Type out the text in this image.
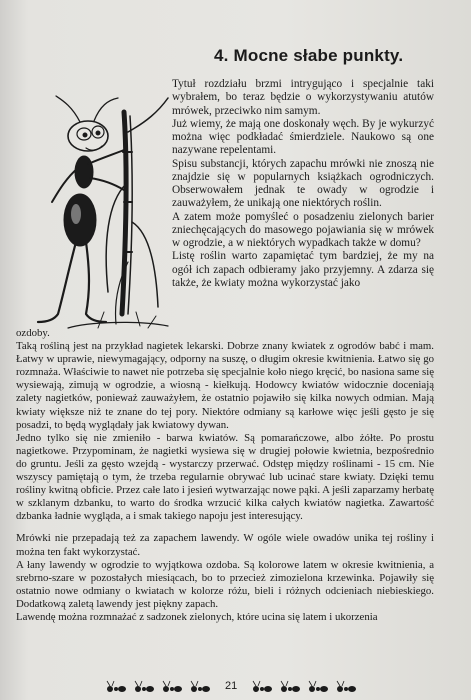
4. Mocne słabe punkty.

Tytuł rozdziału brzmi intrygująco i specjalnie taki wybrałem, bo teraz będzie o wykorzystywaniu atutów mrówek, przeciwko nim samym.

Już wiemy, że mają one doskonały węch. By je wykurzyć można więc podkładać śmierdziele. Naukowo są one nazywane repelentami.

Spisu substancji, których zapachu mrówki nie znoszą nie znajdzie się w popularnych książkach ogrodniczych. Obserwowałem jednak te owady w ogrodzie i zauważyłem, że unikają one niektórych roślin.

A zatem może pomyśleć o posadzeniu zielonych barier zniechęcających do masowego pojawiania się w mrówek w ogrodzie, a w niektórych wypadkach także w domu?

Listę roślin warto zapamiętać tym bardziej, że my na ogół ich zapach odbieramy jako przyjemny. A zdarza się także, że kwiaty można wykorzystać jako

ozdoby.

Taką rośliną jest na przykład nagietek lekarski. Dobrze znany kwiatek z ogrodów babć i mam. Łatwy w uprawie, niewymagający, odporny na suszę, o długim okresie kwitnienia. Łatwo się go rozmnaża. Właściwie to nawet nie potrzeba się specjalnie koło niego kręcić, bo nasiona same się wysiewają, zimują w ogrodzie, a wiosną - kiełkują. Hodowcy kwiatów widocznie doceniają zalety nagietków, ponieważ zauważyłem, że ostatnio pojawiło się kilka nowych odmian. Mają kwiaty większe niż te znane do tej pory. Niektóre odmiany są karłowe więc jeśli gęsto je się posadzi, to będą wyglądały jak kwiatowy dywan.

Jedno tylko się nie zmieniło - barwa kwiatów. Są pomarańczowe, albo żółte. Po prostu nagietkowe. Przypominam, że nagietki wysiewa się w drugiej połowie kwietnia, bezpośrednio do gruntu. Jeśli za gęsto wzejdą - wystarczy przerwać. Odstęp między roślinami - 15 cm. Nie wszyscy pamiętają o tym, że trzeba regularnie obrywać lub ucinać stare kwiaty. Dzięki temu rośliny kwitną obficie. Przez całe lato i jesień wytwarzając nowe pąki. A jeśli zaparzamy herbatę w szklanym dzbanku, to warto do środka wrzucić kilka całych kwiatów nagietka. Zawartość dzbanka ładnie wygląda, a i smak takiego napoju jest interesujący.

Mrówki nie przepadają też za zapachem lawendy. W ogóle wiele owadów unika tej rośliny i można ten fakt wykorzystać.

A łany lawendy w ogrodzie to wyjątkowa ozdoba. Są kolorowe latem w okresie kwitnienia, a srebrno-szare w pozostałych miesiącach, bo to przecież zimozielona krzewinka. Pojawiły się ostatnio nowe odmiany o kwiatach w kolorze różu, bieli i różnych odcieniach niebieskiego. Dodatkową zaletą lawendy jest piękny zapach.

Lawendę można rozmnażać z sadzonek zielonych, które ucina się latem i ukorzenia

21
